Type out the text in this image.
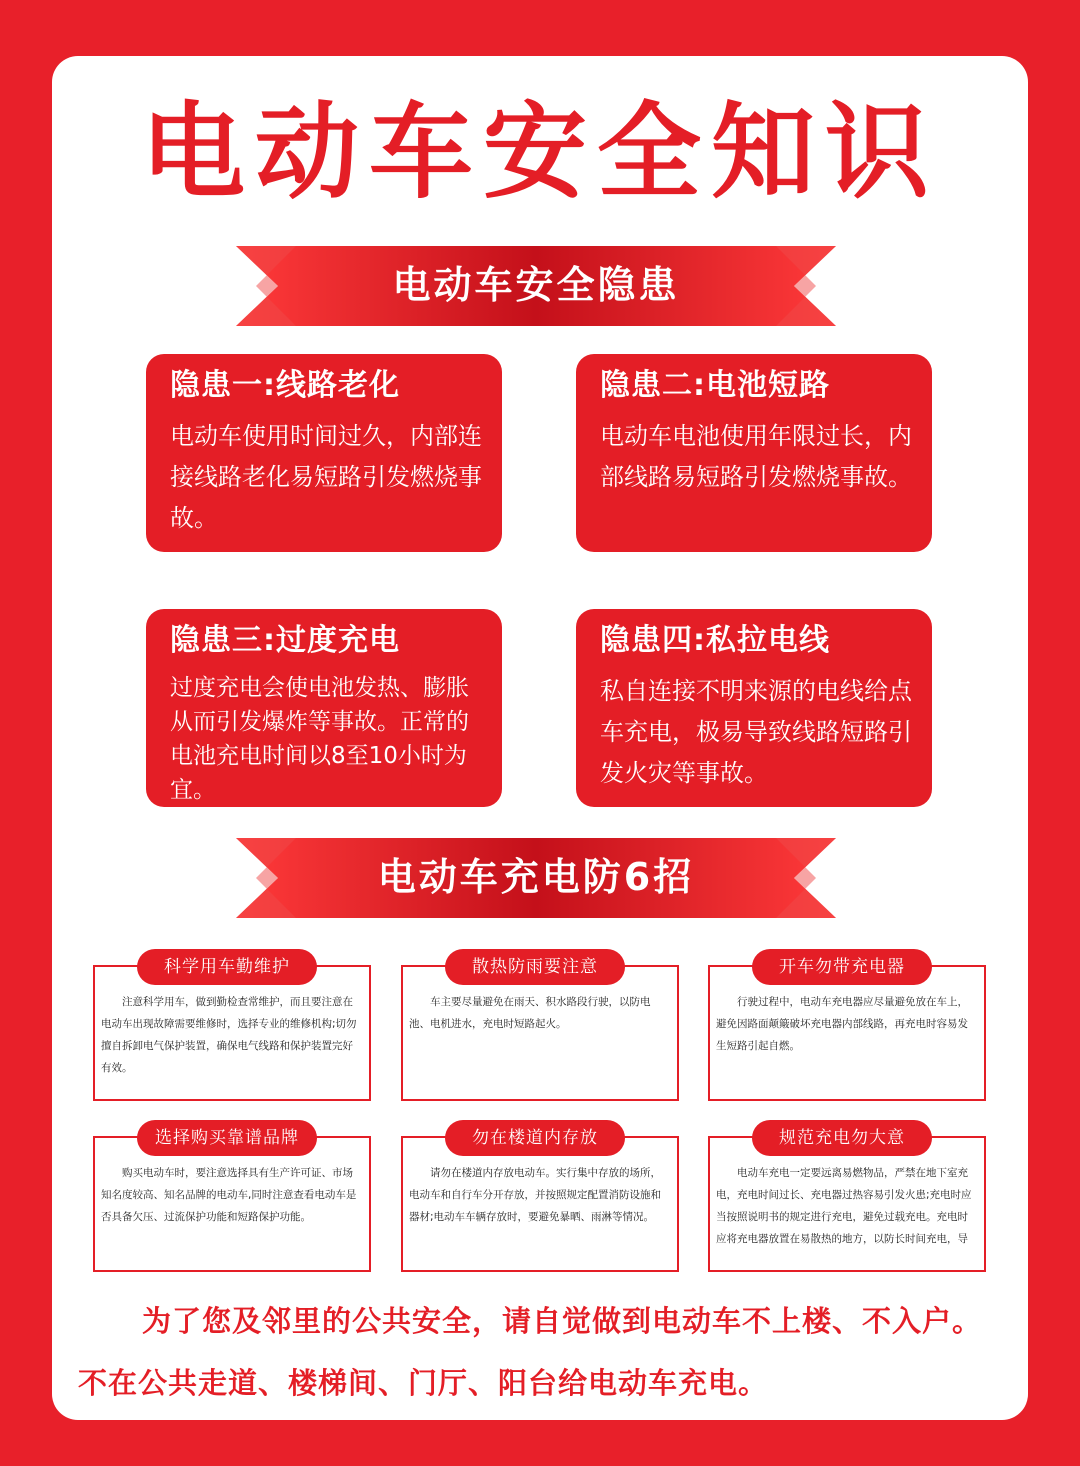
电动车安全知识
电动车安全隐患
隐患一:线路老化
电动车使用时间过久，内部连接线路老化易短路引发燃烧事故。
隐患二:电池短路
电动车电池使用年限过长，内部线路易短路引发燃烧事故。
隐患三:过度充电
过度充电会使电池发热、膨胀从而引发爆炸等事故。正常的电池充电时间以8至10小时为宜。
隐患四:私拉电线
私自连接不明来源的电线给点车充电，极易导致线路短路引发火灾等事故。
电动车充电防6招
科学用车勤维护
注意科学用车，做到勤检查常维护，而且要注意在电动车出现故障需要维修时，选择专业的维修机构;切勿擅自拆卸电气保护装置，确保电气线路和保护装置完好有效。
散热防雨要注意
车主要尽量避免在雨天、积水路段行驶，以防电池、电机进水，充电时短路起火。
开车勿带充电器
行驶过程中，电动车充电器应尽量避免放在车上，避免因路面颠簸破坏充电器内部线路，再充电时容易发生短路引起自燃。
选择购买靠谱品牌
购买电动车时，要注意选择具有生产许可证、市场知名度较高、知名品牌的电动车,同时注意查看电动车是否具备欠压、过流保护功能和短路保护功能。
勿在楼道内存放
请勿在楼道内存放电动车。实行集中存放的场所，电动车和自行车分开存放，并按照规定配置消防设施和器材;电动车车辆存放时，要避免暴晒、雨淋等情况。
规范充电勿大意
电动车充电一定要远离易燃物品，严禁在地下室充电，充电时间过长、充电器过热容易引发火患;充电时应当按照说明书的规定进行充电，避免过载充电。充电时应将充电器放置在易散热的地方，以防长时间充电，导
为了您及邻里的公共安全，请自觉做到电动车不上楼、不入户。不在公共走道、楼梯间、门厅、阳台给电动车充电。
